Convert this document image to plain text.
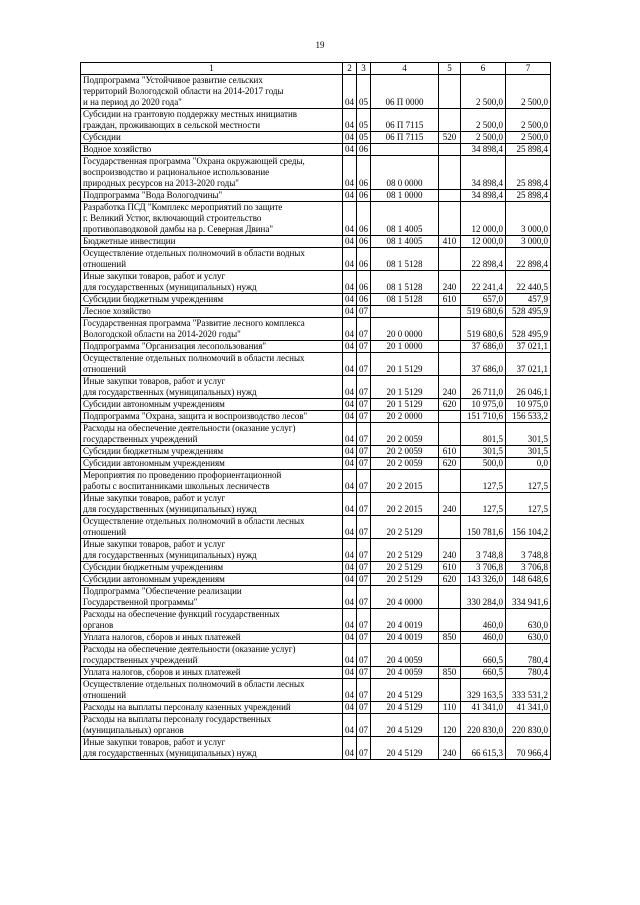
19
1	2	3	4	5	6	7
Подпрограмма "Устойчивое развитие сельских
территорий Вологодской области на 2014-2017 годы
и на период до 2020 года"	04	05	06 П 0000		2 500,0	2 500,0
Субсидии на грантовую поддержку местных инициатив
граждан, проживающих в сельской местности	04	05	06 П 7115		2 500,0	2 500,0
Субсидии	04	05	06 П 7115	520	2 500,0	2 500,0
Водное хозяйство	04	06			34 898,4	25 898,4
Государственная программа "Охрана окружающей среды,
воспроизводство и рациональное использование
природных ресурсов на 2013-2020 годы"	04	06	08 0 0000		34 898,4	25 898,4
Подпрограмма "Вода Вологодчины"	04	06	08 1 0000		34 898,4	25 898,4
Разработка ПСД "Комплекс мероприятий по защите
г. Великий Устюг, включающий строительство
противопаводковой дамбы на р. Северная Двина"	04	06	08 1 4005		12 000,0	3 000,0
Бюджетные инвестиции	04	06	08 1 4005	410	12 000,0	3 000,0
Осуществление отдельных полномочий в области водных
отношений	04	06	08 1 5128		22 898,4	22 898,4
Иные закупки товаров, работ и услуг
для государственных (муниципальных) нужд	04	06	08 1 5128	240	22 241,4	22 440,5
Субсидии бюджетным учреждениям	04	06	08 1 5128	610	657,0	457,9
Лесное хозяйство	04	07			519 680,6	528 495,9
Государственная программа "Развитие лесного комплекса
Вологодской области на 2014-2020 годы"	04	07	20 0 0000		519 680,6	528 495,9
Подпрограмма "Организация лесопользования"	04	07	20 1 0000		37 686,0	37 021,1
Осуществление отдельных полномочий в области лесных
отношений	04	07	20 1 5129		37 686,0	37 021,1
Иные закупки товаров, работ и услуг
для государственных (муниципальных) нужд	04	07	20 1 5129	240	26 711,0	26 046,1
Субсидии автономным учреждениям	04	07	20 1 5129	620	10 975,0	10 975,0
Подпрограмма "Охрана, защита и воспроизводство лесов"	04	07	20 2 0000		151 710,6	156 533,2
Расходы на обеспечение деятельности (оказание услуг)
государственных учреждений	04	07	20 2 0059		801,5	301,5
Субсидии бюджетным учреждениям	04	07	20 2 0059	610	301,5	301,5
Субсидии автономным учреждениям	04	07	20 2 0059	620	500,0	0,0
Мероприятия по проведению профориентационной
работы с воспитанниками школьных лесничеств	04	07	20 2 2015		127,5	127,5
Иные закупки товаров, работ и услуг
для государственных (муниципальных) нужд	04	07	20 2 2015	240	127,5	127,5
Осуществление отдельных полномочий в области лесных
отношений	04	07	20 2 5129		150 781,6	156 104,2
Иные закупки товаров, работ и услуг
для государственных (муниципальных) нужд	04	07	20 2 5129	240	3 748,8	3 748,8
Субсидии бюджетным учреждениям	04	07	20 2 5129	610	3 706,8	3 706,8
Субсидии автономным учреждениям	04	07	20 2 5129	620	143 326,0	148 648,6
Подпрограмма "Обеспечение реализации
Государственной программы"	04	07	20 4 0000		330 284,0	334 941,6
Расходы на обеспечение функций государственных
органов	04	07	20 4 0019		460,0	630,0
Уплата налогов, сборов и иных платежей	04	07	20 4 0019	850	460,0	630,0
Расходы на обеспечение деятельности (оказание услуг)
государственных учреждений	04	07	20 4 0059		660,5	780,4
Уплата налогов, сборов и иных платежей	04	07	20 4 0059	850	660,5	780,4
Осуществление отдельных полномочий в области лесных
отношений	04	07	20 4 5129		329 163,5	333 531,2
Расходы на выплаты персоналу казенных учреждений	04	07	20 4 5129	110	41 341,0	41 341,0
Расходы на выплаты персоналу государственных
(муниципальных) органов	04	07	20 4 5129	120	220 830,0	220 830,0
Иные закупки товаров, работ и услуг
для государственных (муниципальных) нужд	04	07	20 4 5129	240	66 615,3	70 966,4
